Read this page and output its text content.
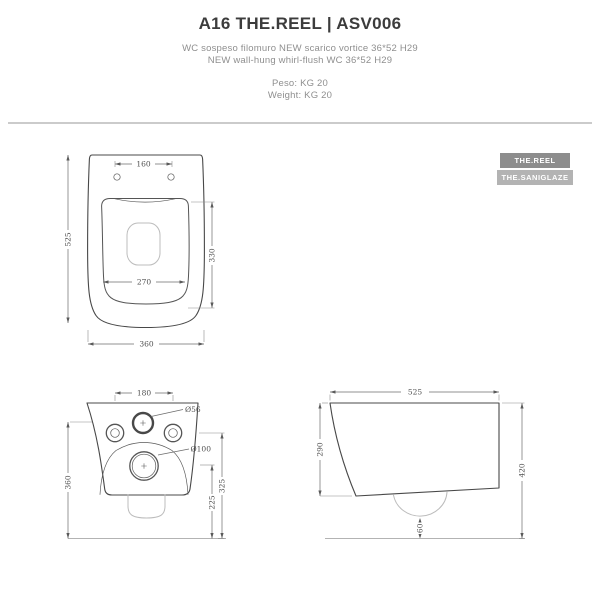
A16 THE.REEL | ASV006
WC sospeso filomuro NEW scarico vortice 36*52 H29
NEW wall-hung whirl-flush WC 36*52 H29
Peso: KG 20
Weight: KG 20
THE.REEL
THE.SANIGLAZE
160
525
330
270
360
180
360	325
225
Ø56
Ø100
525
290
420
60
